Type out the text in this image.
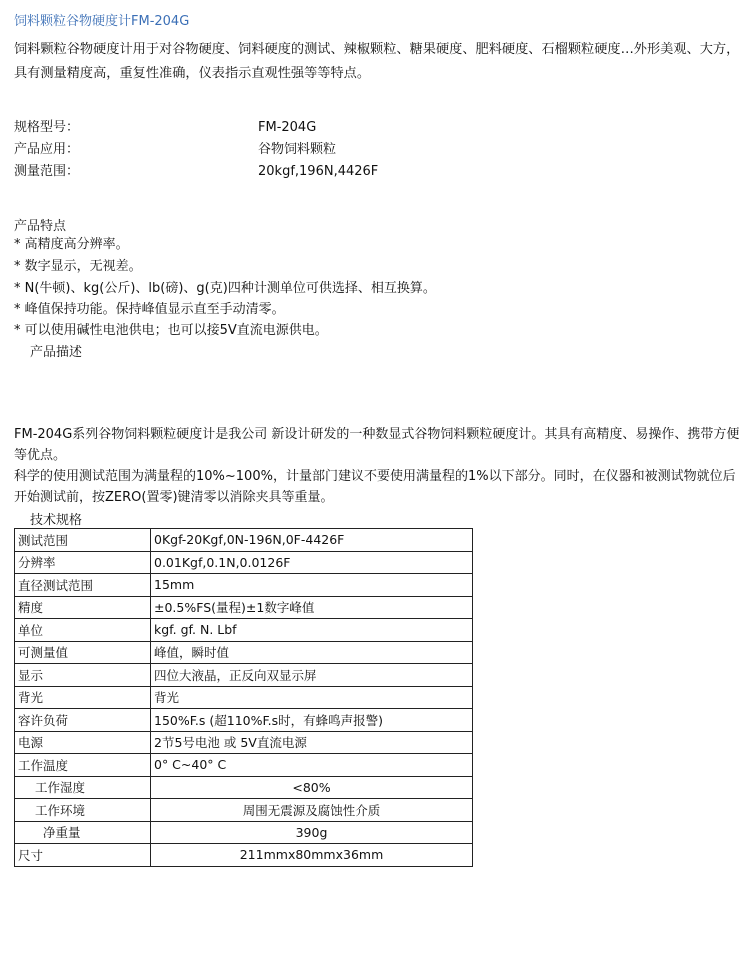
饲料颗粒谷物硬度计FM-204G
饲料颗粒谷物硬度计用于对谷物硬度、饲料硬度的测试、辣椒颗粒、糖果硬度、肥料硬度、石榴颗粒硬度…外形美观、大方，具有测量精度高，重复性准确，仪表指示直观性强等等特点。
规格型号：	FM-204G
产品应用：	谷物饲料颗粒
测量范围：	20kgf,196N,4426F
产品特点
* 高精度高分辨率。
* 数字显示，无视差。
* N(牛顿)、kg(公斤)、lb(磅)、g(克)四种计测单位可供选择、相互换算。
* 峰值保持功能。保持峰值显示直至手动清零。
* 可以使用碱性电池供电；也可以接5V直流电源供电。
产品描述
FM-204G系列谷物饲料颗粒硬度计是我公司 新设计研发的一种数显式谷物饲料颗粒硬度计。其具有高精度、易操作、携带方便等优点。
科学的使用测试范围为满量程的10%~100%，计量部门建议不要使用满量程的1%以下部分。同时，在仪器和被测试物就位后开始测试前，按ZERO(置零)键清零以消除夹具等重量。
技术规格
测试范围	0Kgf-20Kgf,0N-196N,0F-4426F
分辨率	0.01Kgf,0.1N,0.0126F
直径测试范围	15mm
精度	±0.5%FS(量程)±1数字峰值
单位	kgf. gf. N. Lbf
可测量值	峰值，瞬时值
显示	四位大液晶，正反向双显示屏
背光	背光
容许负荷	150%F.s (超110%F.s时，有蜂鸣声报警)
电源	2节5号电池 或 5V直流电源
工作温度	0° C~40° C
工作湿度	<80%
工作环境	周围无震源及腐蚀性介质
净重量	390g
尺寸	211mmx80mmx36mm
